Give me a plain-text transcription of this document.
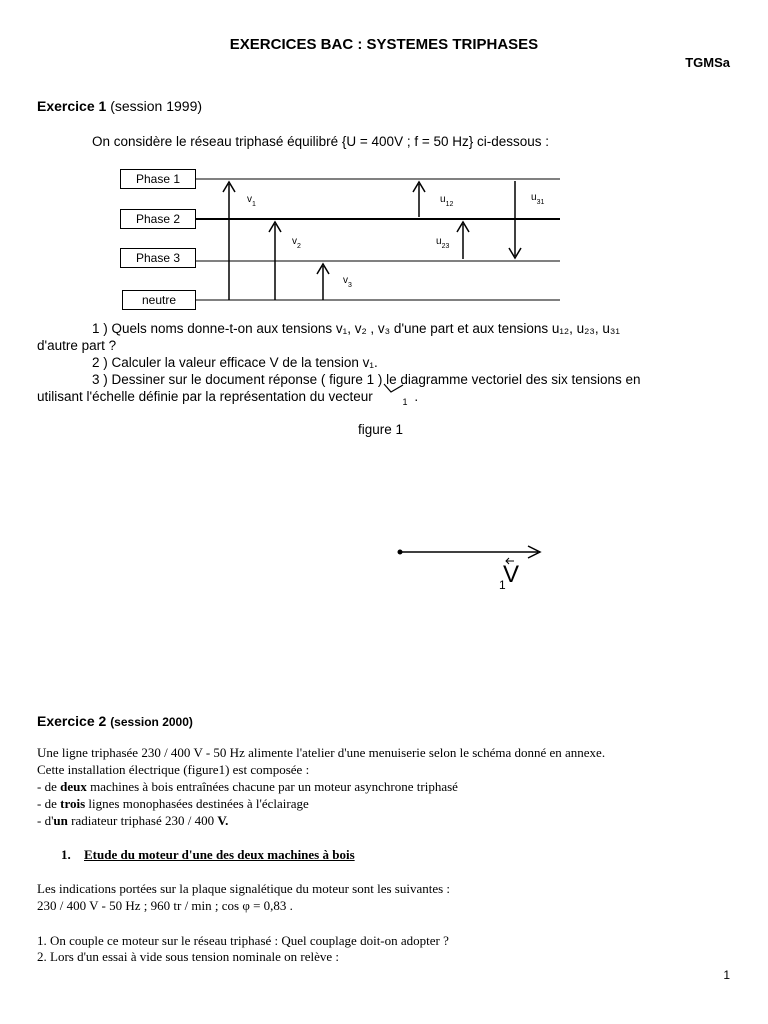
EXERCICES BAC : SYSTEMES TRIPHASES
TGMSa
Exercice 1 (session 1999)
On considère le réseau triphasé équilibré {U = 400V ; f = 50 Hz} ci-dessous :
$v_1$
$v_2$
$v_3$
$u_{12}$
$u_{23}$
$u_{31}$
Phase 1
Phase 2
Phase 3
neutre
1 ) Quels noms donne-t-on aux tensions v₁, v₂ , v₃ d'une part et aux tensions u₁₂, u₂₃, u₃₁
d'autre part ?
2 ) Calculer la valeur efficace V de la tension v₁.
3 ) Dessiner sur le document réponse ( figure 1 ) le diagramme vectoriel des six tensions en
utilisant l'échelle définie par la représentation du vecteur	1 .
figure 1
V
1
Exercice 2 (session 2000)
Une ligne triphasée 230 / 400 V - 50 Hz alimente l'atelier d'une menuiserie selon le schéma donné en annexe.
Cette installation électrique (figure1) est composée :
- de deux machines à bois entraînées chacune par un moteur asynchrone triphasé
- de trois lignes monophasées destinées à l'éclairage
- d'un radiateur triphasé 230 / 400 V.
1. Etude du moteur d'une des deux machines à bois
Les indications portées sur la plaque signalétique du moteur sont les suivantes :
230 / 400 V - 50 Hz ; 960 tr / min ; cos φ = 0,83 .
1. On couple ce moteur sur le réseau triphasé : Quel couplage doit-on adopter ?
2. Lors d'un essai à vide sous tension nominale on relève :
1
